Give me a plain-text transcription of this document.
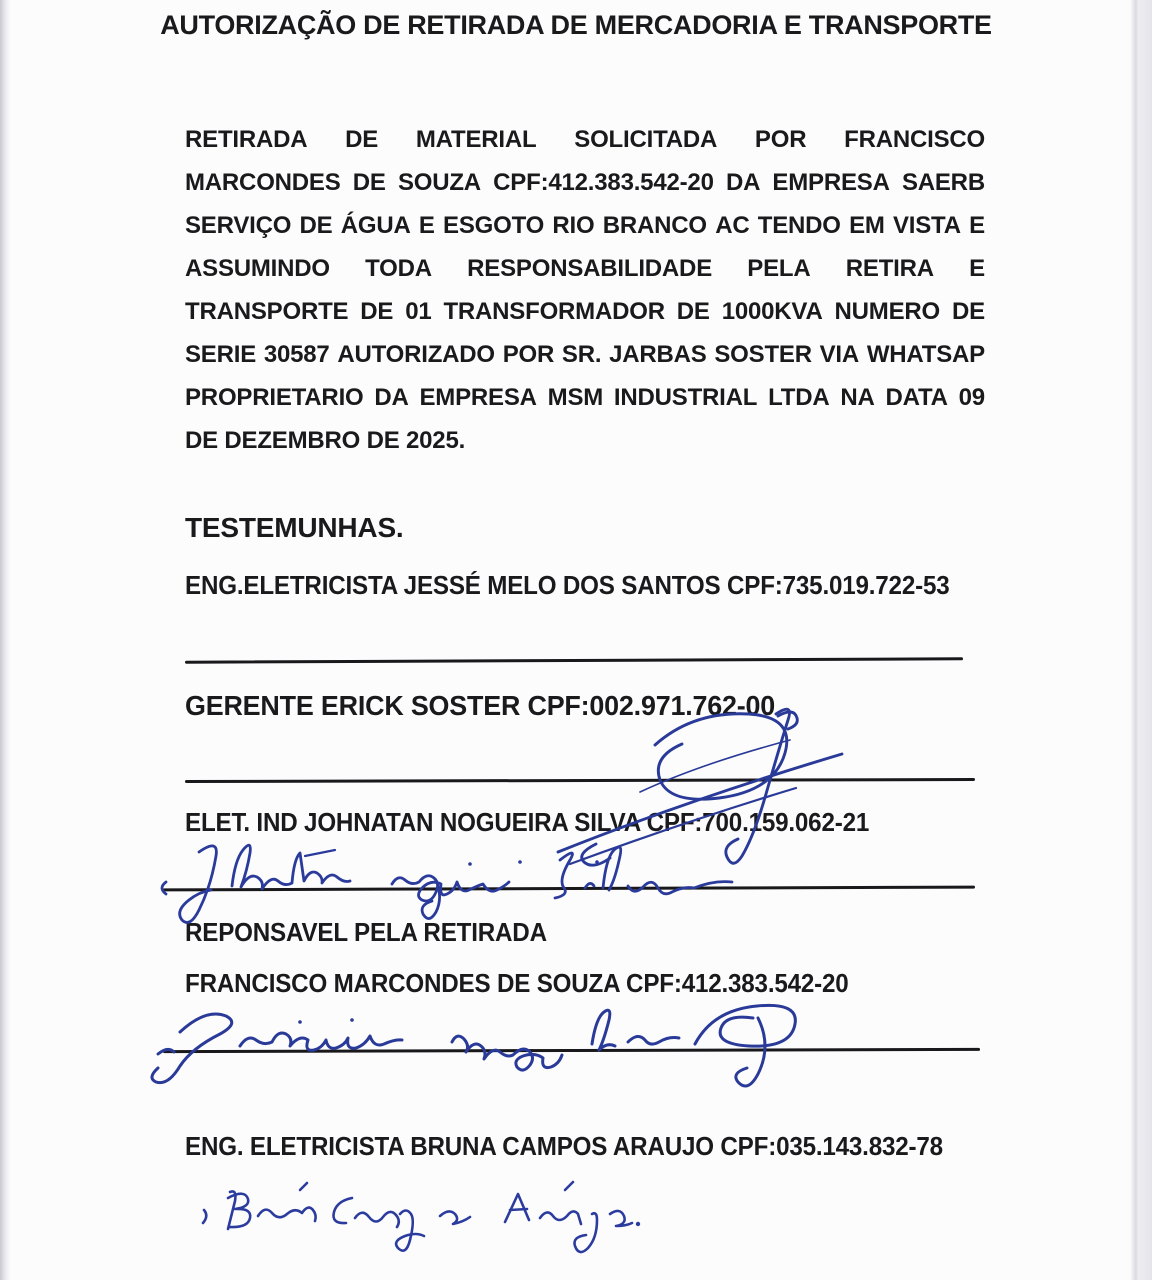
AUTORIZAÇÃO DE RETIRADA DE MERCADORIA E TRANSPORTE
RETIRADA DE MATERIAL SOLICITADA POR FRANCISCO
MARCONDES DE SOUZA CPF:412.383.542-20 DA EMPRESA SAERB
SERVIÇO DE ÁGUA E ESGOTO RIO BRANCO AC TENDO EM VISTA E
ASSUMINDO TODA RESPONSABILIDADE PELA RETIRA E
TRANSPORTE DE 01 TRANSFORMADOR DE 1000KVA NUMERO DE
SERIE 30587 AUTORIZADO POR SR. JARBAS SOSTER VIA WHATSAP
PROPRIETARIO DA EMPRESA MSM INDUSTRIAL LTDA NA DATA 09
DE DEZEMBRO DE 2025.
TESTEMUNHAS.
ENG.ELETRICISTA JESSÉ MELO DOS SANTOS CPF:735.019.722-53
GERENTE ERICK SOSTER CPF:002.971.762-00
ELET. IND JOHNATAN NOGUEIRA SILVA CPF:700.159.062-21
REPONSAVEL PELA RETIRADA
FRANCISCO MARCONDES DE SOUZA CPF:412.383.542-20
ENG. ELETRICISTA BRUNA CAMPOS ARAUJO CPF:035.143.832-78
